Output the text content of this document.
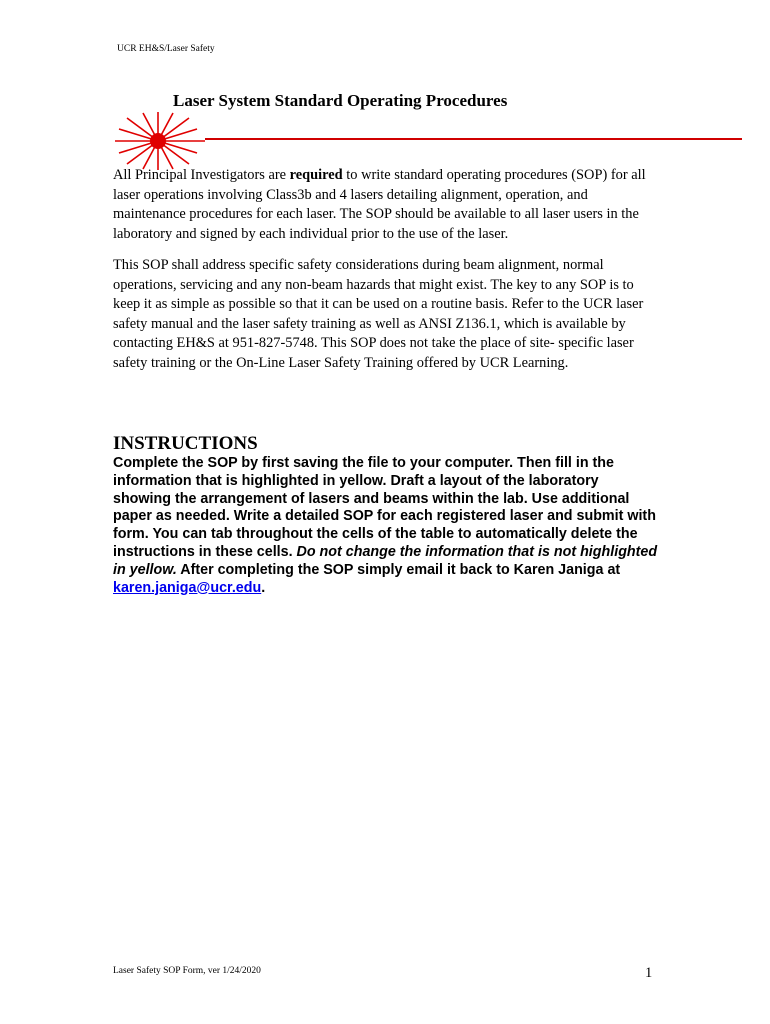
UCR EH&S/Laser Safety
Laser System Standard Operating Procedures

All Principal Investigators are required to write standard operating procedures (SOP) for all laser operations involving Class3b and 4 lasers detailing alignment, operation, and maintenance procedures for each laser. The SOP should be available to all laser users in the laboratory and signed by each individual prior to the use of the laser.

This SOP shall address specific safety considerations during beam alignment, normal operations, servicing and any non-beam hazards that might exist. The key to any SOP is to keep it as simple as possible so that it can be used on a routine basis. Refer to the UCR laser safety manual and the laser safety training as well as ANSI Z136.1, which is available by contacting EH&S at 951-827-5748. This SOP does not take the place of site- specific laser safety training or the On-Line Laser Safety Training offered by UCR Learning.

INSTRUCTIONS

Complete the SOP by first saving the file to your computer. Then fill in the information that is highlighted in yellow. Draft a layout of the laboratory showing the arrangement of lasers and beams within the lab. Use additional paper as needed. Write a detailed SOP for each registered laser and submit with form. You can tab throughout the cells of the table to automatically delete the instructions in these cells. Do not change the information that is not highlighted in yellow. After completing the SOP simply email it back to Karen Janiga at karen.janiga@ucr.edu.

Laser Safety SOP Form, ver 1/24/2020	1
